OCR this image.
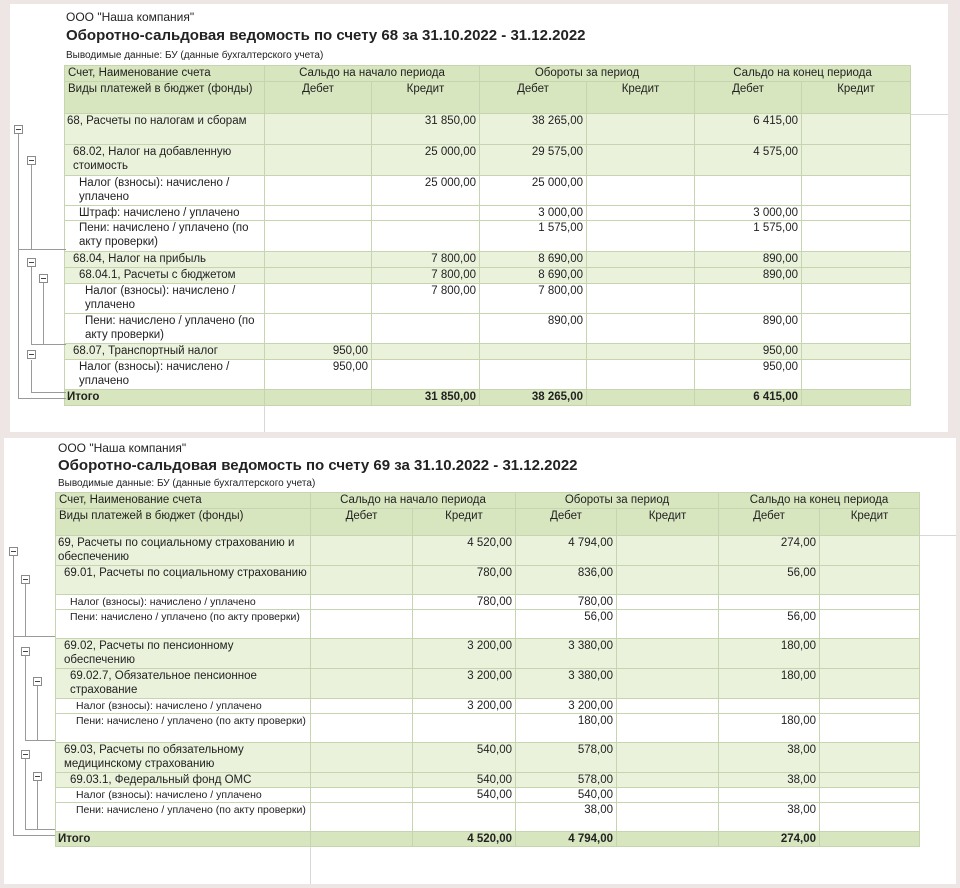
ООО "Наша компания"
Оборотно-сальдовая ведомость по счету 68 за 31.10.2022 - 31.12.2022
Выводимые данные: БУ (данные бухгалтерского учета)
Счет, Наименование счета	Сальдо на начало периода		Обороты за период		Сальдо на конец периода	
Виды платежей в бюджет (фонды)	Дебет	Кредит	Дебет	Кредит	Дебет	Кредит
68, Расчеты по налогам и сборам		31 850,00	38 265,00		6 415,00	
68.02, Налог на добавленную стоимость		25 000,00	29 575,00		4 575,00	
Налог (взносы): начислено / уплачено		25 000,00	25 000,00			
Штраф: начислено / уплачено			3 000,00		3 000,00	
Пени: начислено / уплачено (по акту проверки)			1 575,00		1 575,00	
68.04, Налог на прибыль		7 800,00	8 690,00		890,00	
68.04.1, Расчеты с бюджетом		7 800,00	8 690,00		890,00	
Налог (взносы): начислено / уплачено		7 800,00	7 800,00			
Пени: начислено / уплачено (по акту проверки)			890,00		890,00	
68.07, Транспортный налог	950,00				950,00	
Налог (взносы): начислено / уплачено	950,00				950,00	
Итого		31 850,00	38 265,00		6 415,00	
ООО "Наша компания"
Оборотно-сальдовая ведомость по счету 69 за 31.10.2022 - 31.12.2022
Выводимые данные: БУ (данные бухгалтерского учета)
Счет, Наименование счета	Сальдо на начало периода		Обороты за период		Сальдо на конец периода	
Виды платежей в бюджет (фонды)	Дебет	Кредит	Дебет	Кредит	Дебет	Кредит
69, Расчеты по социальному страхованию и обеспечению		4 520,00	4 794,00		274,00	
69.01, Расчеты по социальному страхованию		780,00	836,00		56,00	
Налог (взносы): начислено / уплачено		780,00	780,00			
Пени: начислено / уплачено (по акту проверки)			56,00		56,00	
69.02, Расчеты по пенсионному обеспечению		3 200,00	3 380,00		180,00	
69.02.7, Обязательное пенсионное страхование		3 200,00	3 380,00		180,00	
Налог (взносы): начислено / уплачено		3 200,00	3 200,00			
Пени: начислено / уплачено (по акту проверки)			180,00		180,00	
69.03, Расчеты по обязательному медицинскому страхованию		540,00	578,00		38,00	
69.03.1, Федеральный фонд ОМС		540,00	578,00		38,00	
Налог (взносы): начислено / уплачено		540,00	540,00			
Пени: начислено / уплачено (по акту проверки)			38,00		38,00	
Итого		4 520,00	4 794,00		274,00	
